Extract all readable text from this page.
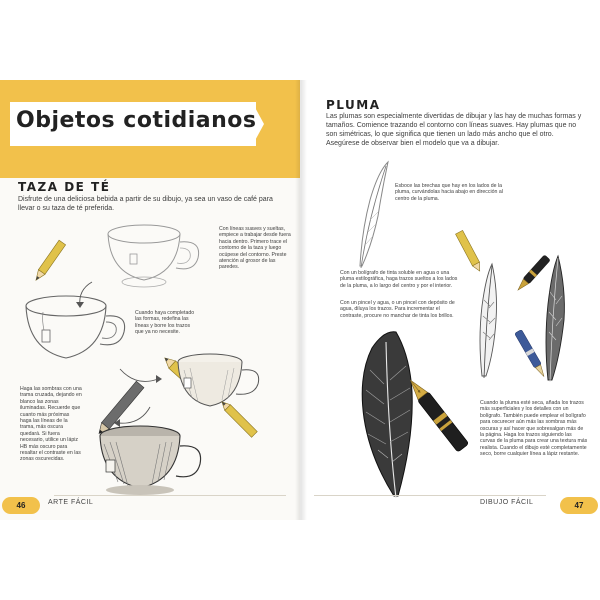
Objetos cotidianos
TAZA DE TÉ
Disfrute de una deliciosa bebida a partir de su dibujo, ya sea un vaso de café para llevar o su taza de té preferida.
Con líneas suaves y sueltas, empiece a trabajar desde fuera hacia dentro. Primero trace el contorno de la taza y luego ocúpese del contorno. Preste atención al grosor de las paredes.
Cuando haya completado las formas, redefina las líneas y borre los trazos que ya no necesite.
Haga las sombras con una trama cruzada, dejando en blanco las zonas iluminadas. Recuerde que cuanto más próximas haga las líneas de la trama, más oscura quedará. Si fuera necesario, utilice un lápiz HB más oscuro para resaltar el contraste en las zonas oscurecidas.
46	ARTE FÁCIL
PLUMA
Las plumas son especialmente divertidas de dibujar y las hay de muchas formas y tamaños. Comience trazando el contorno con líneas suaves. Hay plumas que no son simétricas, lo que significa que tienen un lado más ancho que el otro. Asegúrese de observar bien el modelo que va a dibujar.
Esboce las brechas que hay en los lados de la pluma, curvándolas hacia abajo en dirección al centro de la pluma.
Con un bolígrafo de tinta soluble en agua o una pluma estilográfica, haga trazos sueltos a los lados de la pluma, a lo largo del centro y por el interior.
Con un pincel y agua, o un pincel con depósito de agua, diluya los trazos. Para incrementar el contraste, procure no manchar de tinta los brillos.
Cuando la pluma esté seca, añada los trazos más superficiales y los detalles con un bolígrafo. También puede emplear el bolígrafo para oscurecer aún más las sombras más oscuras y así hacer que sobresalgan más de la página. Haga los trazos siguiendo las curvas de la pluma para crear una textura más realista. Cuando el dibujo esté completamente seco, borre cualquier línea a lápiz restante.
DIBUJO FÁCIL	47
